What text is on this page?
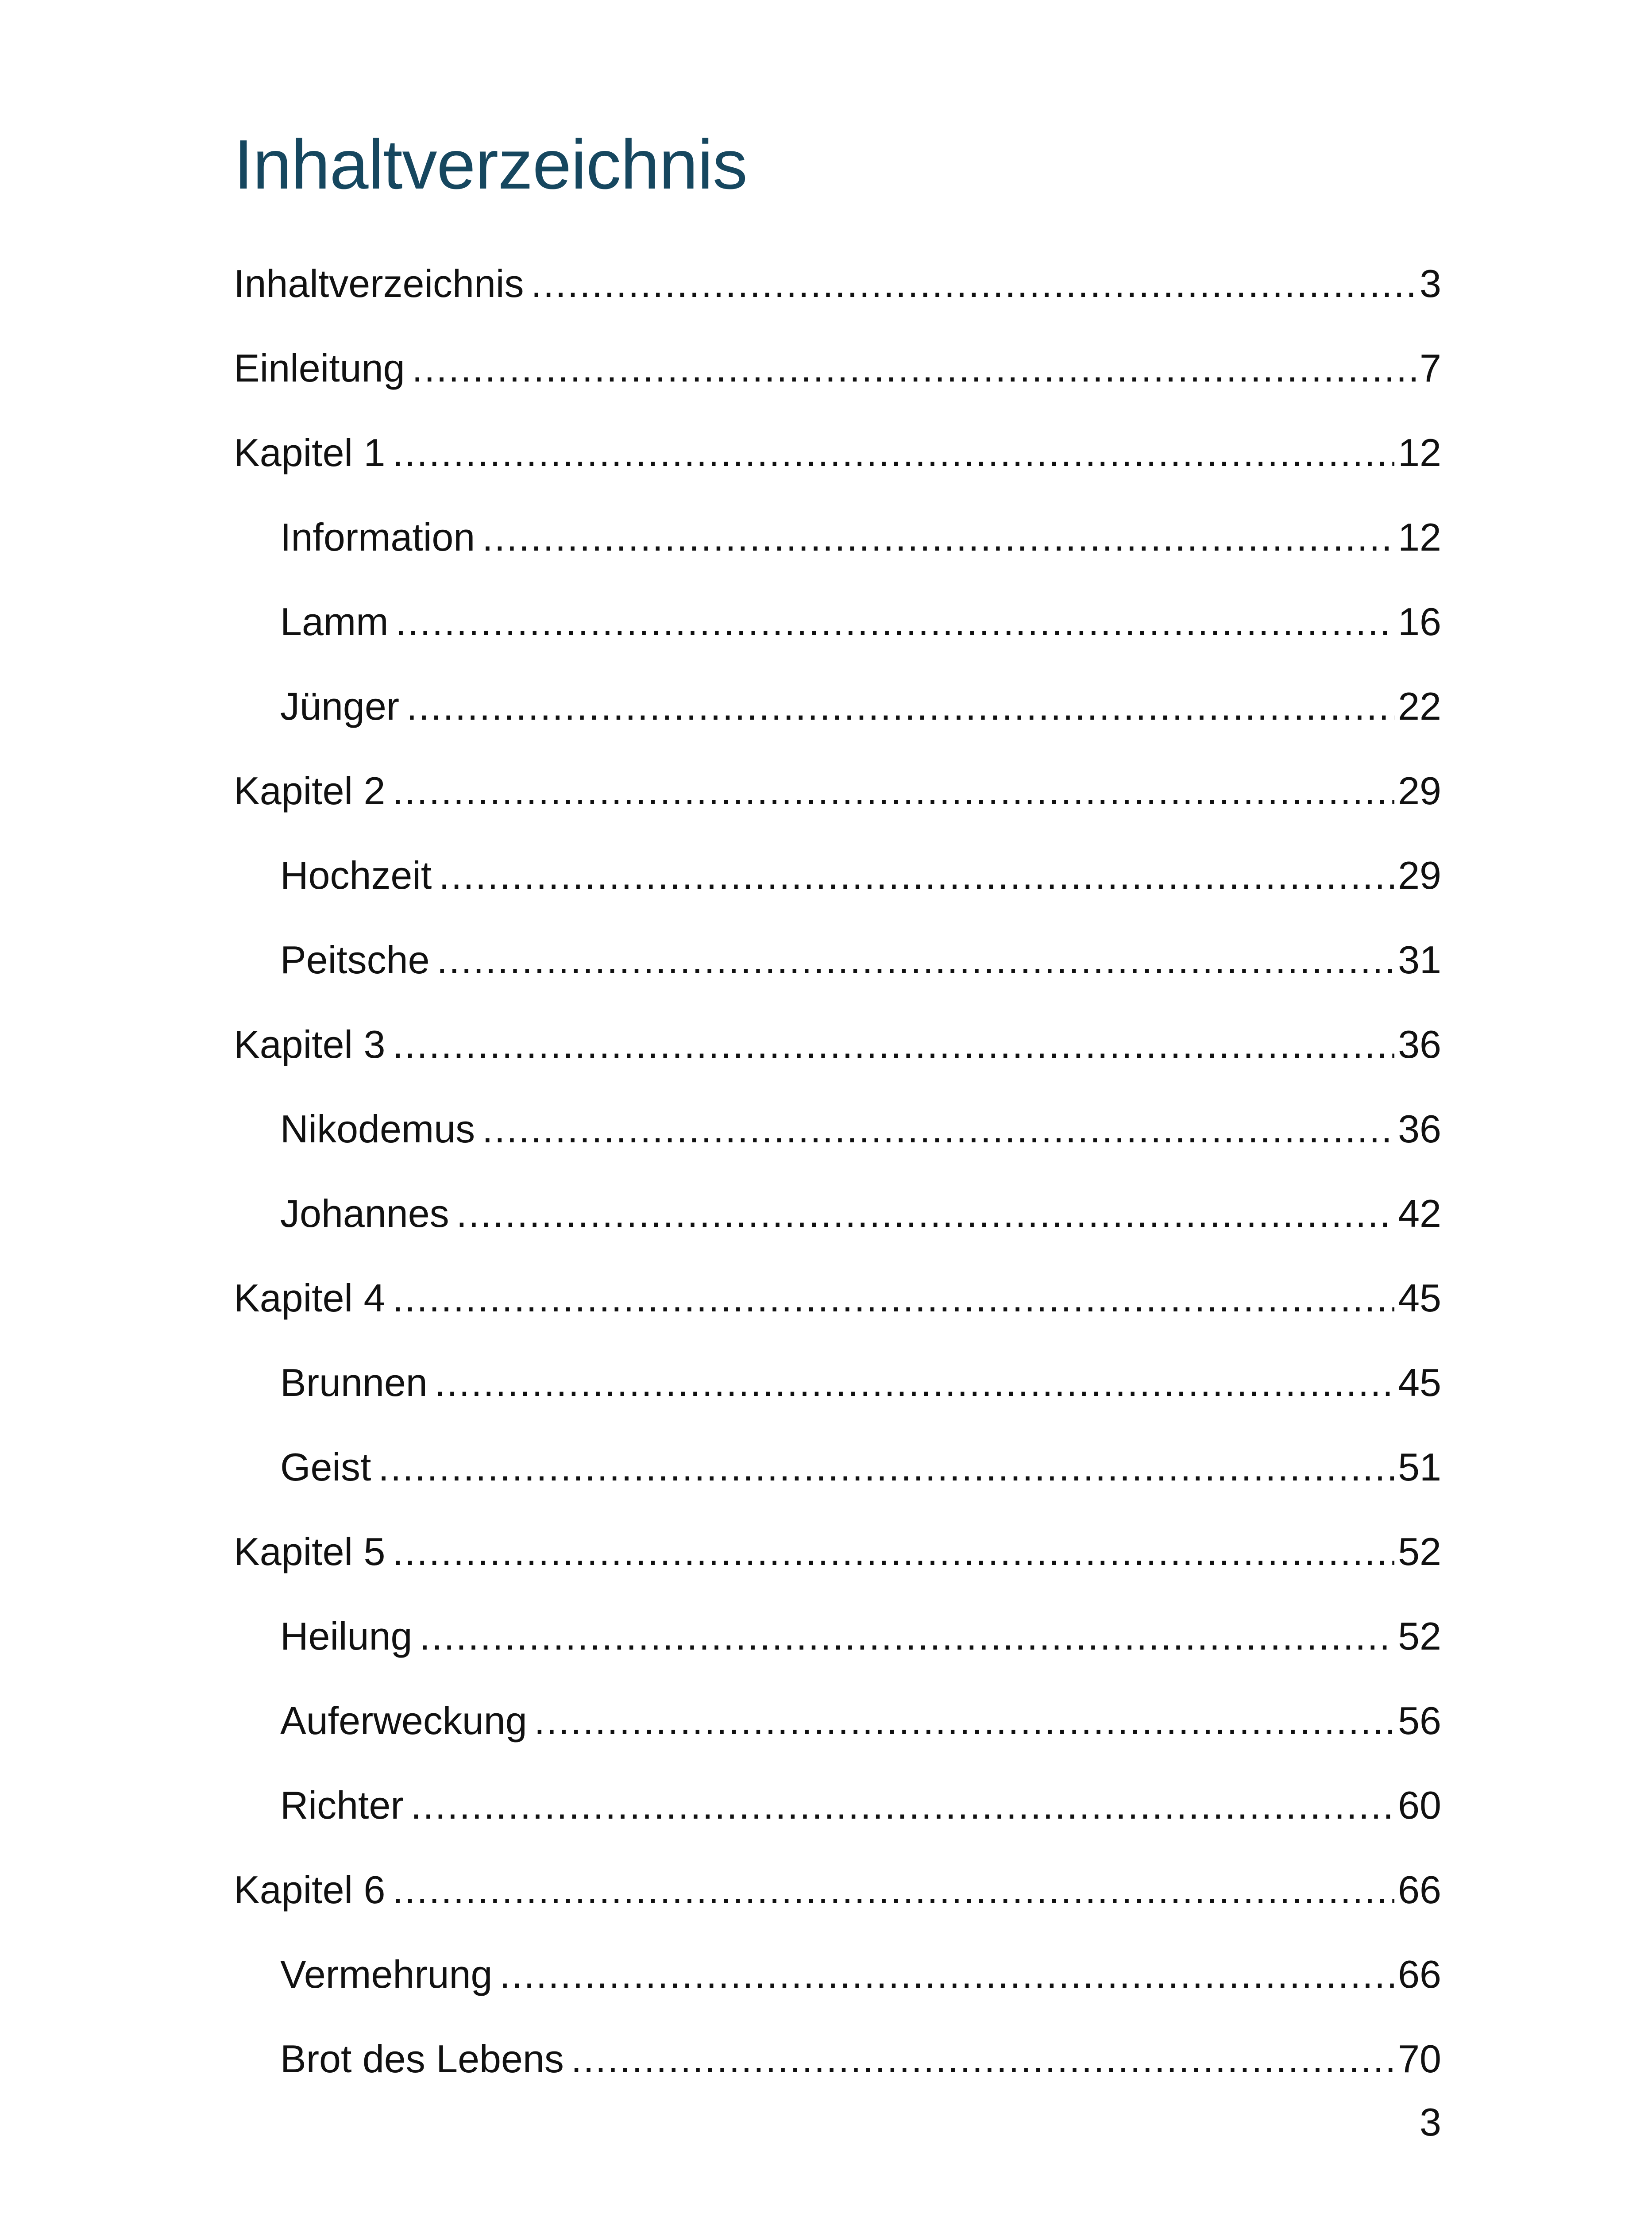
Inhaltverzeichnis
Inhaltverzeichnis .....	3
Einleitung .....	7
Kapitel 1 .....	12
Information .....	12
Lamm .....	16
Jünger .....	22
Kapitel 2 .....	29
Hochzeit .....	29
Peitsche .....	31
Kapitel 3 .....	36
Nikodemus .....	36
Johannes .....	42
Kapitel 4 .....	45
Brunnen .....	45
Geist .....	51
Kapitel 5 .....	52
Heilung .....	52
Auferweckung .....	56
Richter .....	60
Kapitel 6 .....	66
Vermehrung .....	66
Brot des Lebens .....	70
3
